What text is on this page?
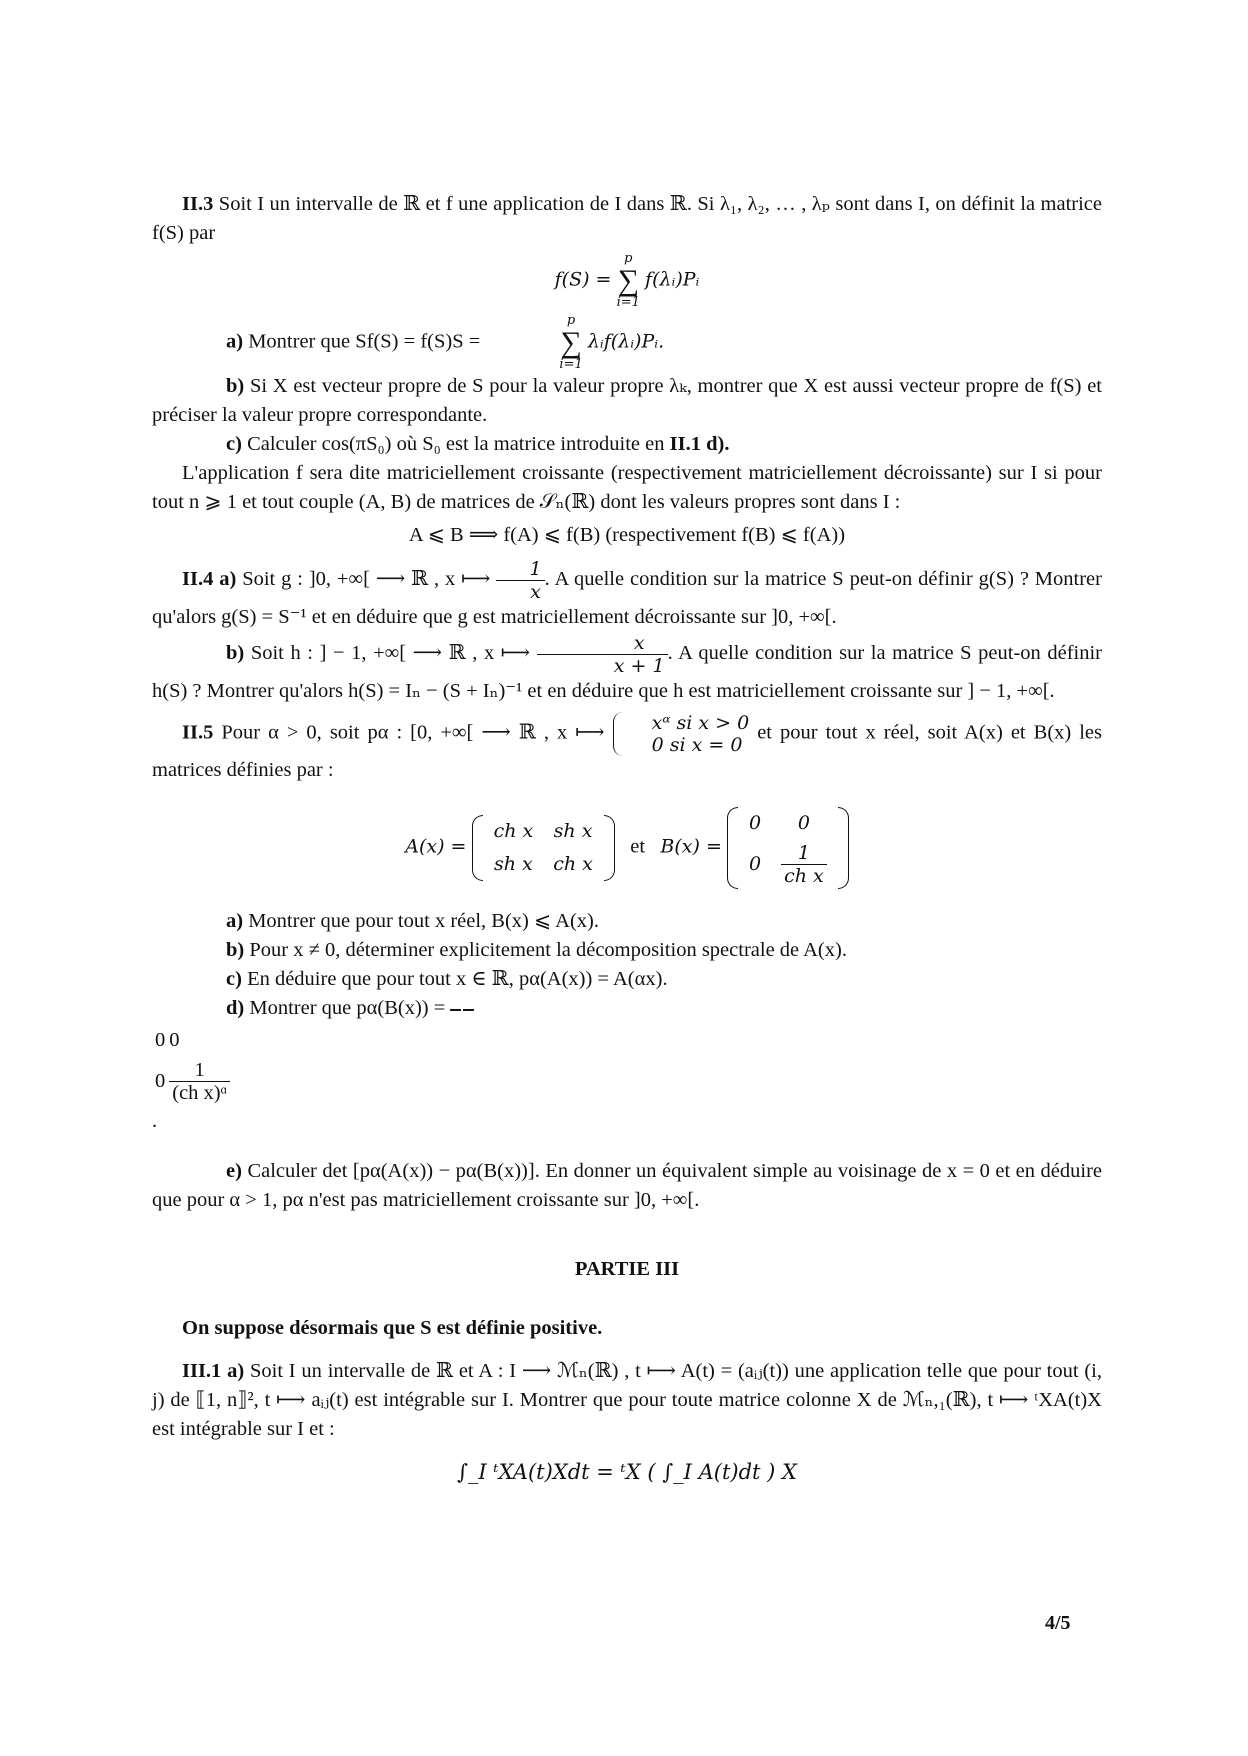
II.3 Soit I un intervalle de ℝ et f une application de I dans ℝ. Si λ₁, λ₂, … , λₚ sont dans I, on définit la matrice f(S) par

f(S) =
p
∑
i=1
f(λᵢ)Pᵢ

a) Montrer que Sf(S) = f(S)S =
p
∑
i=1
λᵢf(λᵢ)Pᵢ.

b) Si X est vecteur propre de S pour la valeur propre λₖ, montrer que X est aussi vecteur propre de f(S) et préciser la valeur propre correspondante.

c) Calculer cos(πS₀) où S₀ est la matrice introduite en II.1 d).

L'application f sera dite matriciellement croissante (respectivement matriciellement décroissante) sur I si pour tout n ⩾ 1 et tout couple (A, B) de matrices de 𝒮ₙ(ℝ) dont les valeurs propres sont dans I :

A ⩽ B ⟹ f(A) ⩽ f(B) (respectivement f(B) ⩽ f(A))

II.4 a) Soit g : ]0, +∞[ ⟶ ℝ , x ⟼ $\frac{1}{x}$ . A quelle condition sur la matrice S peut-on définir g(S) ? Montrer qu'alors g(S) = S⁻¹ et en déduire que g est matriciellement décroissante sur ]0, +∞[.

b) Soit h : ] − 1, +∞[ ⟶ ℝ , x ⟼ $\frac{x}{x + 1}$ . A quelle condition sur la matrice S peut-on définir h(S) ? Montrer qu'alors h(S) = Iₙ − (S + Iₙ)⁻¹ et en déduire que h est matriciellement croissante sur ] − 1, +∞[.

II.5 Pour α > 0, soit pα : [0, +∞[ ⟶ ℝ , x ⟼	xᵅ si x > 0
0 si x = 0
et pour tout x réel, soit A(x) et B(x) les matrices définies par :

A(x) =
ch x	sh x
sh x	ch x
et B(x) =
0	0
0	$\frac{1}{\text{ch x}}$

a) Montrer que pour tout x réel, B(x) ⩽ A(x).

b) Pour x ≠ 0, déterminer explicitement la décomposition spectrale de A(x).

c) En déduire que pour tout x ∈ ℝ, pα(A(x)) = A(αx).

d) Montrer que pα(B(x)) =

0	0
0	$\frac{1}{\text{(ch x)ᵅ}}$
.

e) Calculer det [pα(A(x)) − pα(B(x))]. En donner un équivalent simple au voisinage de x = 0 et en déduire que pour α > 1, pα n'est pas matriciellement croissante sur ]0, +∞[.

PARTIE III

On suppose désormais que S est définie positive.

III.1 a) Soit I un intervalle de ℝ et A : I ⟶ ℳₙ(ℝ) , t ⟼ A(t) = (aᵢⱼ(t)) une application telle que pour tout (i, j) de ⟦1, n⟧², t ⟼ aᵢⱼ(t) est intégrable sur I. Montrer que pour toute matrice colonne X de ℳₙ,₁(ℝ), t ⟼ ᵗXA(t)X est intégrable sur I et :

∫_I ᵗXA(t)Xdt = ᵗX ( ∫_I A(t)dt ) X
4/5
